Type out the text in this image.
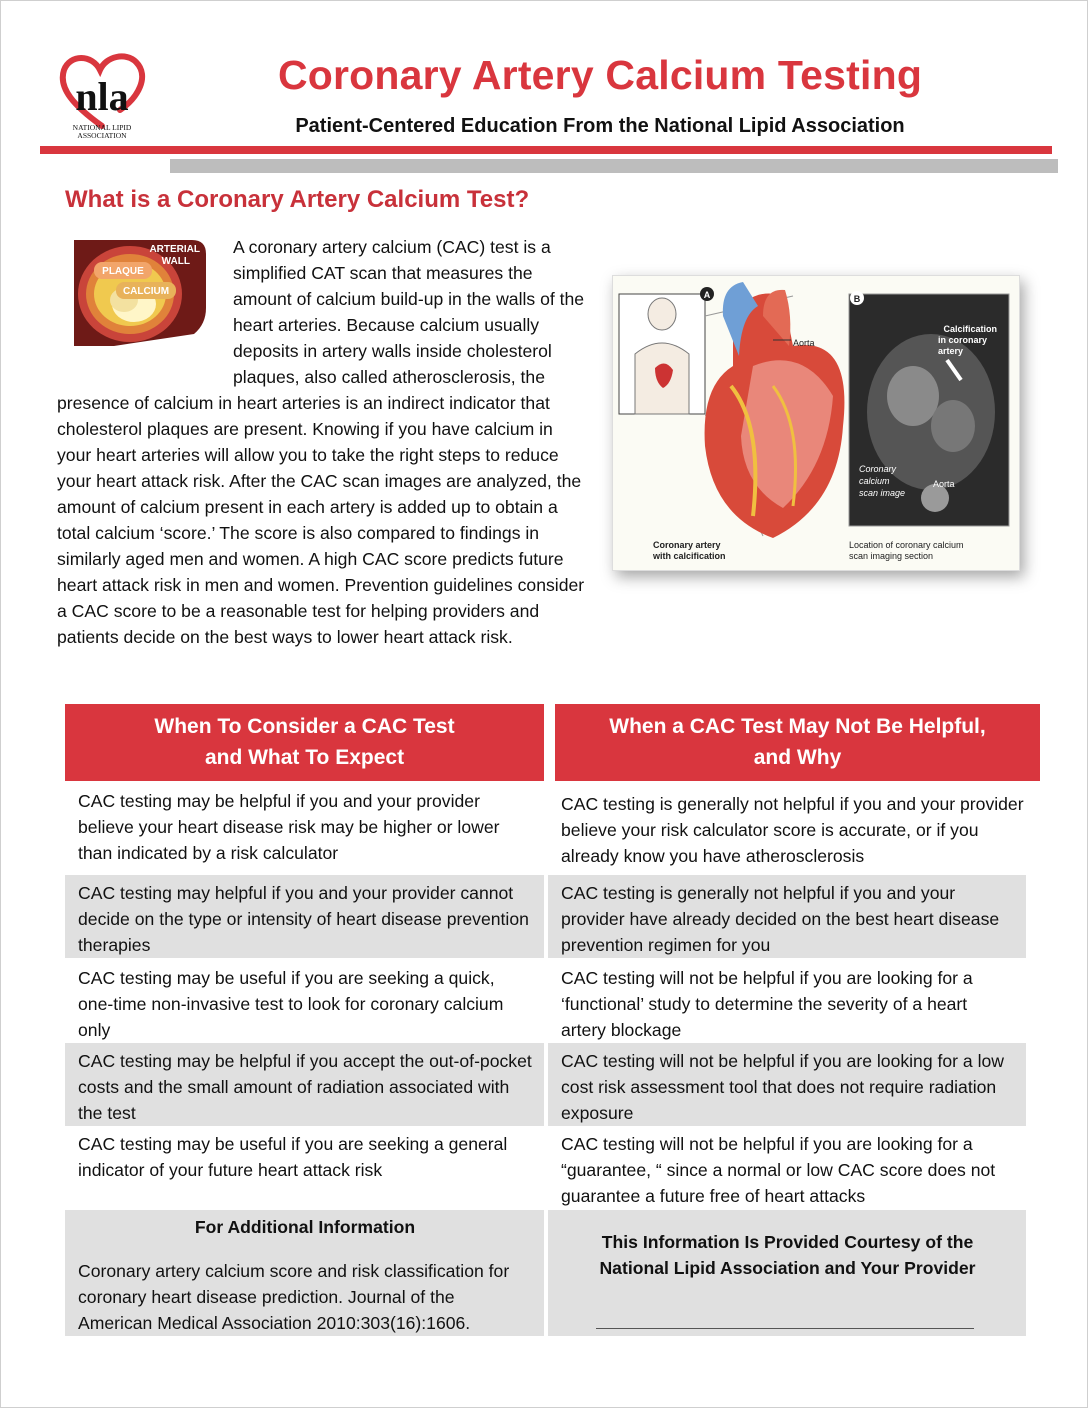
nla
NATIONAL LIPID
ASSOCIATION
Coronary Artery Calcium Testing
Patient-Centered Education From the National Lipid Association
What is a Coronary Artery Calcium Test?
A coronary artery calcium (CAC) test is a simplified CAT scan that measures the amount of calcium build-up in the walls of the heart arteries. Because calcium usually deposits in artery walls inside cholesterol plaques, also called atherosclerosis, the presence of calcium in heart arteries is an indirect indicator that cholesterol plaques are present. Knowing if you have calcium in your heart arteries will allow you to take the right steps to reduce your heart attack risk. After the CAC scan images are analyzed, the amount of calcium present in each artery is added up to obtain a total calcium ‘score.’ The score is also compared to findings in similarly aged men and women. A high CAC score predicts future heart attack risk in men and women. Prevention guidelines consider a CAC score to be a reasonable test for helping providers and patients decide on the best ways to lower heart attack risk.
PLAQUE
CALCIUM
ARTERIAL
WALL
A
Aorta
Coronary artery
with calcification
B
Calcification
in coronary
artery
Coronary
calcium
scan image
Aorta
Location of coronary calcium
scan imaging section
When To Consider a CAC Test
and What To Expect
When a CAC Test May Not Be Helpful,
and Why
CAC testing may be helpful if you and your provider believe your heart disease risk may be higher or lower than indicated by a risk calculator
CAC testing is generally not helpful if you and your provider believe your risk calculator score is accurate, or if you already know you have atherosclerosis
CAC testing may helpful if you and your provider cannot decide on the type or intensity of heart disease prevention therapies
CAC testing is generally not helpful if you and your provider have already decided on the best heart disease prevention regimen for you
CAC testing may be useful if you are seeking a quick, one-time non-invasive test to look for coronary calcium only
CAC testing will not be helpful if you are looking for a ‘functional’ study to determine the severity of a heart artery blockage
CAC testing may be helpful if you accept the out-of-pocket costs and the small amount of radiation associated with the test
CAC testing will not be helpful if you are looking for a low cost risk assessment tool that does not require radiation exposure
CAC testing may be useful if you are seeking a general indicator of your future heart attack risk
CAC testing will not be helpful if you are looking for a “guarantee, “ since a normal or low CAC score does not guarantee a future free of heart attacks
For Additional Information
Coronary artery calcium score and risk classification for coronary heart disease prediction. Journal of the American Medical Association 2010:303(16):1606.
This Information Is Provided Courtesy of the
National Lipid Association and Your Provider
